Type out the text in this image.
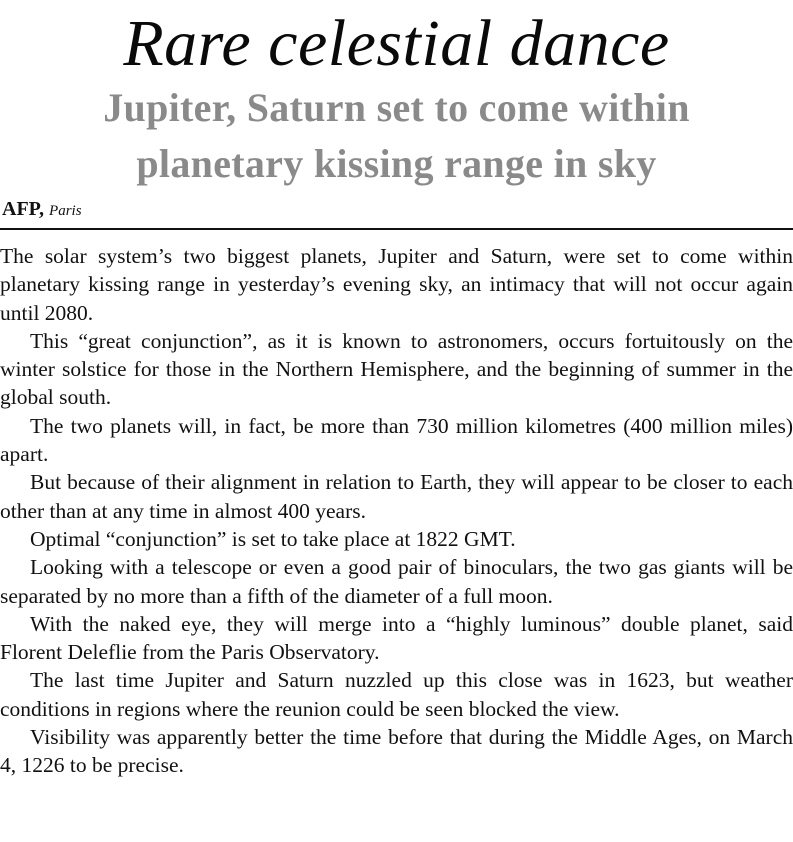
Rare celestial dance
Jupiter, Saturn set to come within planetary kissing range in sky
AFP, Paris

The solar system’s two biggest planets, Jupiter and Saturn, were set to come within planetary kissing range in yesterday’s evening sky, an intimacy that will not occur again until 2080.

This “great conjunction”, as it is known to astronomers, occurs fortuitously on the winter solstice for those in the Northern Hemisphere, and the beginning of summer in the global south.

The two planets will, in fact, be more than 730 million kilometres (400 million miles) apart.

But because of their alignment in relation to Earth, they will appear to be closer to each other than at any time in almost 400 years.

Optimal “conjunction” is set to take place at 1822 GMT.

Looking with a telescope or even a good pair of binoculars, the two gas giants will be separated by no more than a fifth of the diameter of a full moon.

With the naked eye, they will merge into a “highly luminous” double planet, said Florent Deleflie from the Paris Observatory.

The last time Jupiter and Saturn nuzzled up this close was in 1623, but weather conditions in regions where the reunion could be seen blocked the view.

Visibility was apparently better the time before that during the Middle Ages, on March 4, 1226 to be precise.
